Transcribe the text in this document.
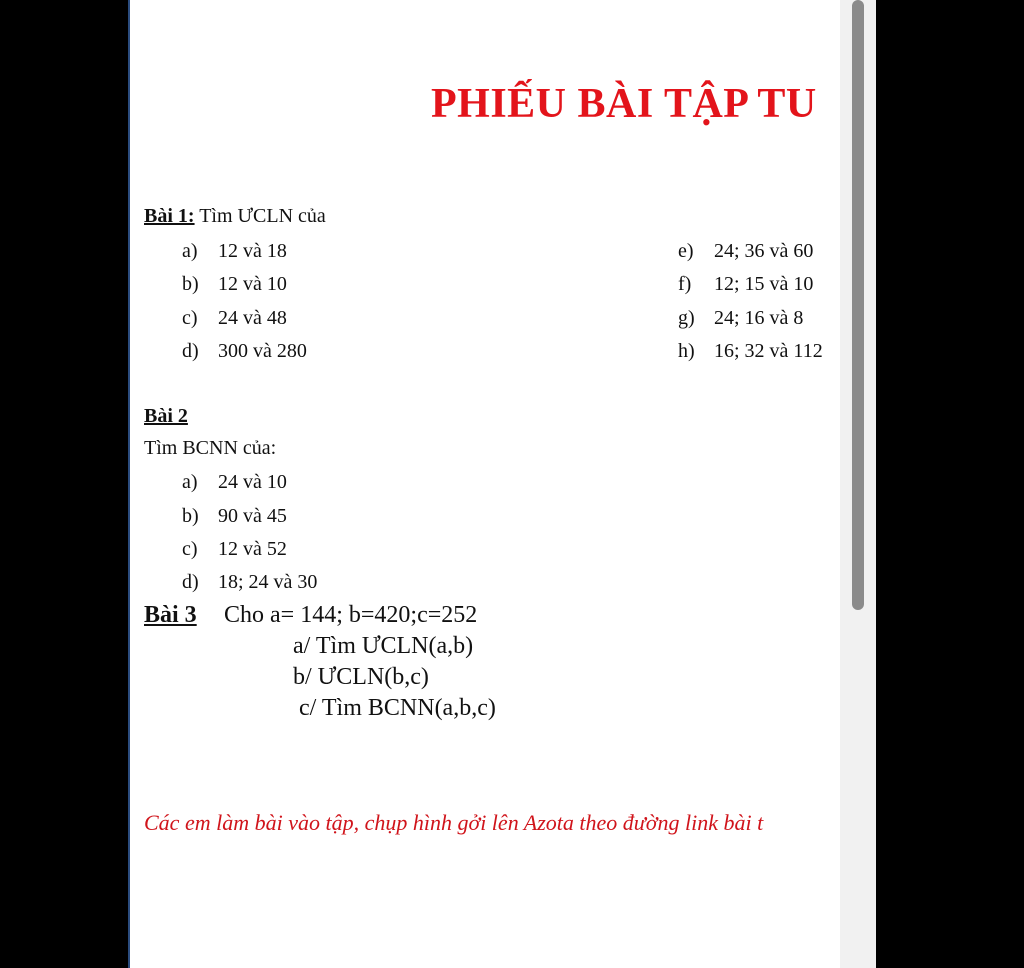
PHIẾU BÀI TẬP TU
Bài 1: Tìm ƯCLN của
a) 12 và 18
b) 12 và 10
c) 24 và 48
d) 300 và 280
e) 24; 36 và 60
f) 12; 15 và 10
g) 24; 16 và 8
h) 16; 32 và 112
Bài 2
Tìm BCNN của:
a) 24 và 10
b) 90 và 45
c) 12 và 52
d) 18; 24 và 30
Bài 3Cho a= 144; b=420;c=252
a/ Tìm ƯCLN(a,b)
b/ ƯCLN(b,c)
c/ Tìm BCNN(a,b,c)
Các em làm bài vào tập, chụp hình gởi lên Azota theo đường link bài t
